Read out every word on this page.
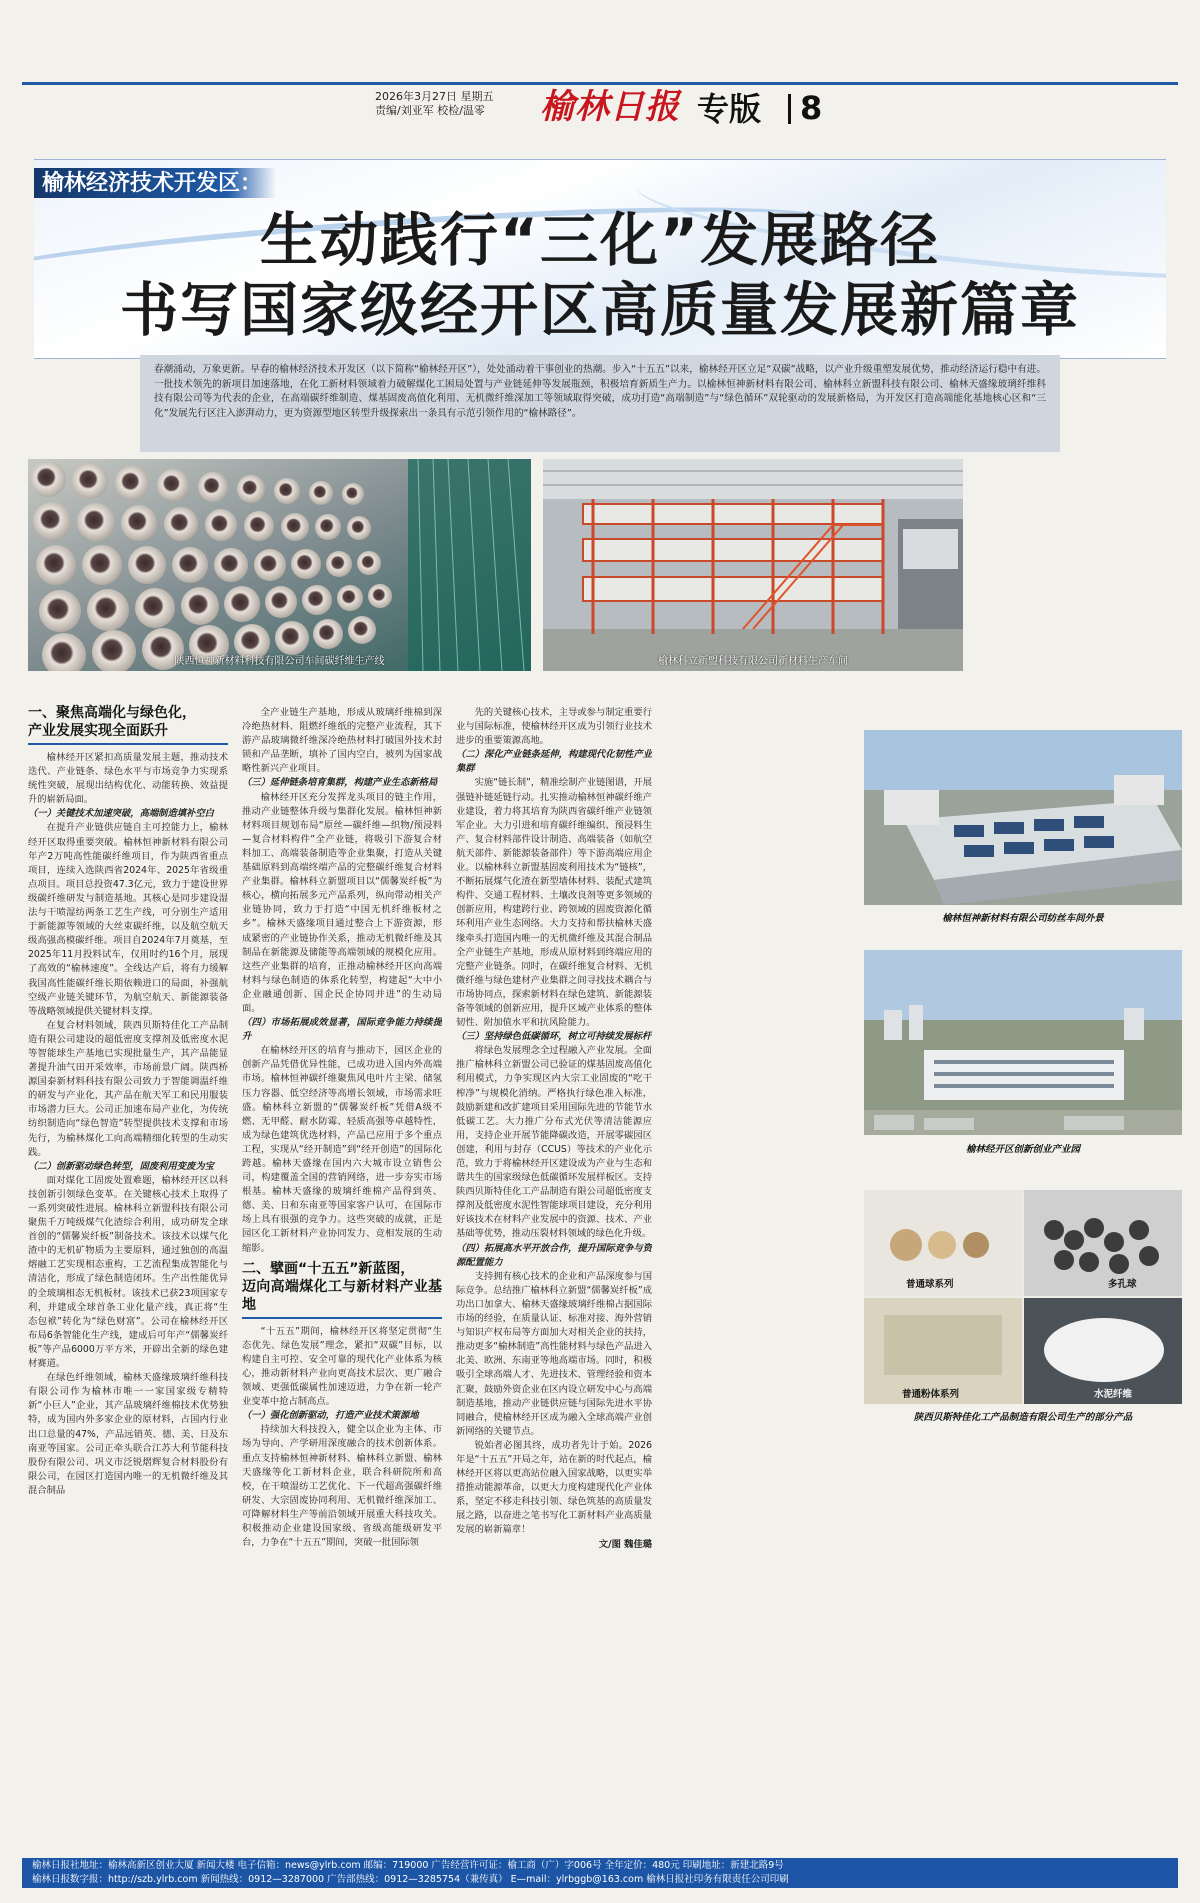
2026年3月27日 星期五
责编/刘亚军 校检/温零 榆林日报 专版 8
榆林经济技术开发区：
生动践行“三化”发展路径
书写国家级经开区高质量发展新篇章
春潮涌动，万象更新。早春的榆林经济技术开发区（以下简称“榆林经开区”），处处涌动着干事创业的热潮。步入“十五五”以来，榆林经开区立足“双碳”战略，以产业升级重塑发展优势，推动经济运行稳中有进。一批技术领先的新项目加速落地，在化工新材料领域着力破解煤化工困局处置与产业链延伸等发展瓶颈，积极培育新质生产力。以榆林恒神新材料有限公司、榆林科立新盟科技有限公司、榆林天盛缘玻璃纤维科技有限公司等为代表的企业，在高端碳纤维制造、煤基固废高值化利用、无机微纤维深加工等领域取得突破，成功打造“高端制造”与“绿色循环”双轮驱动的发展新格局，为开发区打造高端能化基地核心区和“三化”发展先行区注入澎湃动力，更为资源型地区转型升级探索出一条具有示范引领作用的“榆林路径”。
陕西恒神新材料科技有限公司车间碳纤维生产线	榆林科立新盟科技有限公司新材料生产车间
一、聚焦高端化与绿色化，
产业发展实现全面跃升

榆林经开区紧扣高质量发展主题，推动技术迭代、产业链条、绿色水平与市场竞争力实现系统性突破，展现出结构优化、动能转换、效益提升的崭新局面。

（一）关键技术加速突破，高端制造填补空白

在提升产业链供应链自主可控能力上，榆林经开区取得重要突破。榆林恒神新材料有限公司年产2万吨高性能碳纤维项目，作为陕西省重点项目，连续入选陕西省2024年、2025年省级重点项目。项目总投资47.3亿元，致力于建设世界级碳纤维研发与制造基地。其核心是同步建设湿法与干喷湿纺两条工艺生产线，可分别生产适用于新能源等领域的大丝束碳纤维，以及航空航天级高强高模碳纤维。项目自2024年7月奠基，至2025年11月投料试车，仅用时约16个月，展现了高效的“榆林速度”。全线达产后，将有力缓解我国高性能碳纤维长期依赖进口的局面，补强航空级产业链关键环节，为航空航天、新能源装备等战略领域提供关键材料支撑。

在复合材料领域，陕西贝斯特佳化工产品制造有限公司建设的超低密度支撑剂及低密度水泥等智能球生产基地已实现批量生产，其产品能显著提升油气田开采效率，市场前景广阔。陕西桥源国泰新材料科技有限公司致力于智能调温纤维的研发与产业化，其产品在航天军工和民用服装市场潜力巨大。公司正加速布局产业化，为传统纺织制造向“绿色智造”转型提供技术支撑和市场先行，为榆林煤化工向高端精细化转型的生动实践。

（二）创新驱动绿色转型，固废利用变废为宝

面对煤化工固废处置难题，榆林经开区以科技创新引领绿色变革。在关键核心技术上取得了一系列突破性进展。榆林科立新盟科技有限公司聚焦千万吨级煤气化渣综合利用，成功研发全球首创的“儒馨炭纤板”制备技术。该技术以煤气化渣中的无机矿物质为主要原料，通过独创的高温熔融工艺实现相态重构，工艺流程集成智能化与清洁化，形成了绿色制造闭环。生产出性能优异的全玻璃相态无机板材。该技术已获23项国家专利，并建成全球首条工业化量产线，真正将“生态包袱”转化为“绿色财富”。公司在榆林经开区布局6条智能化生产线，建成后可年产“儒馨炭纤板”等产品6000万平方米，开辟出全新的绿色建材赛道。

在绿色纤维领域，榆林天盛缘玻璃纤维科技有限公司作为榆林市唯一一家国家级专精特新“小巨人”企业，其产品玻璃纤维棉技术优势独特，成为国内外多家企业的原材料，占国内行业出口总量的47%，产品远销英、德、美、日及东南亚等国家。公司正牵头联合江苏大利节能科技股份有限公司、巩义市泛锐熠辉复合材料股份有限公司，在园区打造国内唯一的无机微纤维及其混合制品

全产业链生产基地，形成从玻璃纤维棉到深冷绝热材料、阻燃纤维纸的完整产业流程，其下游产品玻璃微纤维深冷绝热材料打破国外技术封锁和产品垄断，填补了国内空白，被列为国家战略性新兴产业项目。

（三）延伸链条培育集群，构建产业生态新格局

榆林经开区充分发挥龙头项目的链主作用，推动产业链整体升级与集群化发展。榆林恒神新材料项目规划布局“原丝—碳纤维—织物/预浸料—复合材料构件”全产业链，将吸引下游复合材料加工、高端装备制造等企业集聚，打造从关键基础原料到高端终端产品的完整碳纤维复合材料产业集群。榆林科立新盟项目以“儒馨炭纤板”为核心，横向拓展多元产品系列，纵向带动相关产业链协同，致力于打造“中国无机纤维板材之乡”。榆林天盛缘项目通过整合上下游资源，形成紧密的产业链协作关系，推动无机微纤维及其制品在新能源及储能等高端领域的规模化应用。这些产业集群的培育，正推动榆林经开区向高端材料与绿色制造的体系化转型，构建起“大中小企业融通创新、国企民企协同并进”的生动局面。

（四）市场拓展成效显著，国际竞争能力持续提升

在榆林经开区的培育与推动下，园区企业的创新产品凭借优异性能，已成功进入国内外高端市场。榆林恒神碳纤维聚焦风电叶片主梁、储氢压力容器、低空经济等高增长领域，市场需求旺盛。榆林科立新盟的“儒馨炭纤板”凭借A级不燃、无甲醛、耐水防霉、轻质高强等卓越特性，成为绿色建筑优选材料，产品已应用于多个重点工程，实现从“经开制造”到“经开创造”的国际化跨越。榆林天盛缘在国内六大城市设立销售公司，构建覆盖全国的营销网络，进一步夯实市场根基。榆林天盛缘的玻璃纤维棉产品得到英、德、美、日和东南亚等国家客户认可，在国际市场上具有很强的竞争力。这些突破的成就，正是园区化工新材料产业协同发力、竞相发展的生动缩影。

二、擘画“十五五”新蓝图，
迈向高端煤化工与新材料产业基地

“十五五”期间，榆林经开区将坚定贯彻“生态优先、绿色发展”理念，紧扣“双碳”目标，以构建自主可控、安全可靠的现代化产业体系为核心，推动新材料产业向更高技术层次、更广融合领域、更强低碳属性加速迈进，力争在新一轮产业变革中抢占制高点。

（一）强化创新驱动，打造产业技术策源地

持续加大科技投入，健全以企业为主体、市场为导向、产学研用深度融合的技术创新体系。重点支持榆林恒神新材料、榆林科立新盟、榆林天盛缘等化工新材料企业，联合科研院所和高校，在干喷湿纺工艺优化、下一代超高强碳纤维研发、大宗固废协同利用、无机微纤维深加工、可降解材料生产等前沿领域开展重大科技攻关。积极推动企业建设国家级、省级高能级研发平台，力争在“十五五”期间，突破一批国际领

先的关键核心技术，主导或参与制定重要行业与国际标准，使榆林经开区成为引领行业技术进步的重要策源高地。

（二）深化产业链条延伸，构建现代化韧性产业集群

实施“链长制”，精准绘制产业链图谱，开展强链补链延链行动。扎实推动榆林恒神碳纤维产业建设，着力将其培育为陕西省碳纤维产业链领军企业。大力引进和培育碳纤维编织、预浸料生产、复合材料部件设计制造、高端装备（如航空航天部件、新能源装备部件）等下游高端应用企业。以榆林科立新盟基固废利用技术为“链核”，不断拓展煤气化渣在新型墙体材料、装配式建筑构件、交通工程材料、土壤改良剂等更多领域的创新应用，构建跨行业、跨领域的固废资源化循环利用产业生态网络。大力支持和帮扶榆林天盛缘牵头打造国内唯一的无机微纤维及其混合制品全产业链生产基地，形成从原材料到终端应用的完整产业链条。同时，在碳纤维复合材料、无机微纤维与绿色建材产业集群之间寻找技术耦合与市场协同点，探索新材料在绿色建筑、新能源装备等领域的创新应用，提升区域产业体系的整体韧性、附加值水平和抗风险能力。

（三）坚持绿色低碳循环，树立可持续发展标杆

将绿色发展理念全过程融入产业发展。全面推广榆林科立新盟公司已验证的煤基固废高值化利用模式，力争实现区内大宗工业固废的“吃干榨净”与规模化消纳。严格执行绿色准入标准，鼓励新建和改扩建项目采用国际先进的节能节水低碳工艺。大力推广分布式光伏等清洁能源应用，支持企业开展节能降碳改造，开展零碳园区创建，利用与封存（CCUS）等技术的产业化示范，致力于将榆林经开区建设成为产业与生态和谐共生的国家级绿色低碳循环发展样板区。支持陕西贝斯特佳化工产品制造有限公司超低密度支撑剂及低密度水泥性智能球项目建设，充分利用好该技术在材料产业发展中的资源、技术、产业基础等优势，推动压裂材料领域的绿色化升级。

（四）拓展高水平开放合作，提升国际竞争与资源配置能力

支持拥有核心技术的企业和产品深度参与国际竞争。总结推广榆林科立新盟“儒馨炭纤板”成功出口加拿大、榆林天盛缘玻璃纤维棉占据国际市场的经验，在质量认证、标准对接、海外营销与知识产权布局等方面加大对相关企业的扶持，推动更多“榆林制造”高性能材料与绿色产品进入北美、欧洲、东南亚等地高端市场。同时，积极吸引全球高端人才、先进技术、管理经验和资本汇聚，鼓励外资企业在区内设立研发中心与高端制造基地，推动产业链供应链与国际先进水平协同融合，使榆林经开区成为融入全球高端产业创新网络的关键节点。

锐始者必图其终，成功者先计于始。2026年是“十五五”开局之年，站在新的时代起点，榆林经开区将以更高站位融入国家战略，以更实举措推动能源革命，以更大力度构建现代化产业体系，坚定不移走科技引领、绿色筑基的高质量发展之路，以奋进之笔书写化工新材料产业高质量发展的崭新篇章！

文/图 魏佳璐

榆林恒神新材料有限公司纺丝车间外景
榆林经开区创新创业产业园
普通球系列	多孔球
普通粉体系列	水泥纤维
陕西贝斯特佳化工产品制造有限公司生产的部分产品
榆林日报社地址：榆林高新区创业大厦 新闻大楼 电子信箱：news@ylrb.com 邮编：719000 广告经营许可证：榆工商（广）字006号 全年定价：480元 印刷地址：新建北路9号
榆林日报数字报：http://szb.ylrb.com 新闻热线：0912—3287000 广告部热线：0912—3285754（兼传真） E—mail：ylrbggb@163.com 榆林日报社印务有限责任公司印刷
